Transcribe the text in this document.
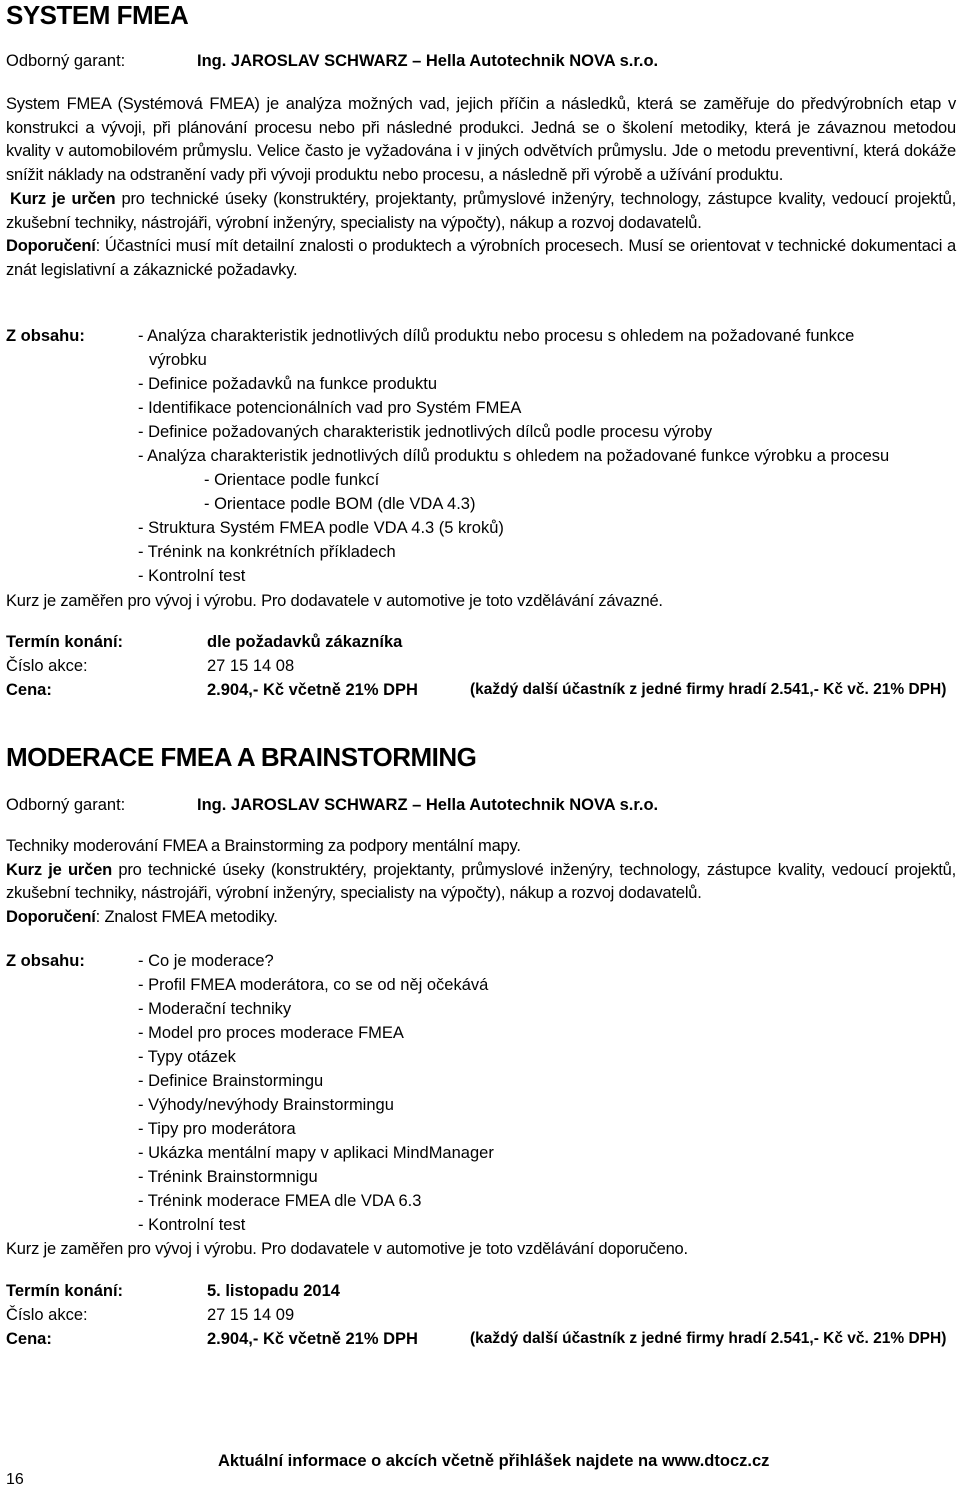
SYSTEM FMEA
Odborný garant:	Ing. JAROSLAV SCHWARZ – Hella Autotechnik NOVA s.r.o.
System FMEA (Systémová FMEA) je analýza možných vad, jejich příčin a následků, která se zaměřuje do předvýrobních etap v konstrukci a vývoji, při plánování procesu nebo při následné produkci. Jedná se o školení metodiky, která je závaznou metodou kvality v automobilovém průmyslu. Velice často je vyžadována i v jiných odvětvích průmyslu. Jde o metodu preventivní, která dokáže snížit náklady na odstranění vady při vývoji produktu nebo procesu, a následně při výrobě a užívání produktu.
Kurz je určen pro technické úseky (konstruktéry, projektanty, průmyslové inženýry, technology, zástupce kvality, vedoucí projektů, zkušební techniky, nástrojáři, výrobní inženýry, specialisty na výpočty), nákup a rozvoj dodavatelů.
Doporučení: Účastníci musí mít detailní znalosti o produktech a výrobních procesech. Musí se orientovat v technické dokumentaci a znát legislativní a zákaznické požadavky.
Z obsahu:	- Analýza charakteristik jednotlivých dílů produktu nebo procesu s ohledem na požadované funkce
výrobku
- Definice požadavků na funkce produktu
- Identifikace potencionálních vad pro Systém FMEA
- Definice požadovaných charakteristik jednotlivých dílců podle procesu výroby
- Analýza charakteristik jednotlivých dílů produktu s ohledem na požadované funkce výrobku a procesu
- Orientace podle funkcí
- Orientace podle BOM (dle VDA 4.3)
- Struktura Systém FMEA podle VDA 4.3 (5 kroků)
- Trénink na konkrétních příkladech
- Kontrolní test
Kurz je zaměřen pro vývoj i výrobu. Pro dodavatele v automotive je toto vzdělávání závazné.
Termín konání:	dle požadavků zákazníka
Číslo akce:	27 15 14 08
Cena:	2.904,- Kč včetně 21% DPH	(každý další účastník z jedné firmy hradí 2.541,- Kč vč. 21% DPH)
MODERACE FMEA A BRAINSTORMING
Odborný garant:	Ing. JAROSLAV SCHWARZ – Hella Autotechnik NOVA s.r.o.
Techniky moderování FMEA a Brainstorming za podpory mentální mapy.
Kurz je určen pro technické úseky (konstruktéry, projektanty, průmyslové inženýry, technology, zástupce kvality, vedoucí projektů, zkušební techniky, nástrojáři, výrobní inženýry, specialisty na výpočty), nákup a rozvoj dodavatelů.
Doporučení: Znalost FMEA metodiky.
Z obsahu:	- Co je moderace?
- Profil FMEA moderátora, co se od něj očekává
- Moderační techniky
- Model pro proces moderace FMEA
- Typy otázek
- Definice Brainstormingu
- Výhody/nevýhody Brainstormingu
- Tipy pro moderátora
- Ukázka mentální mapy v aplikaci MindManager
- Trénink Brainstormnigu
- Trénink moderace FMEA dle VDA 6.3
- Kontrolní test
Kurz je zaměřen pro vývoj i výrobu. Pro dodavatele v automotive je toto vzdělávání doporučeno.
Termín konání:	5. listopadu 2014
Číslo akce:	27 15 14 09
Cena:	2.904,- Kč včetně 21% DPH	(každý další účastník z jedné firmy hradí 2.541,- Kč vč. 21% DPH)
Aktuální informace o akcích včetně přihlášek najdete na www.dtocz.cz
16
